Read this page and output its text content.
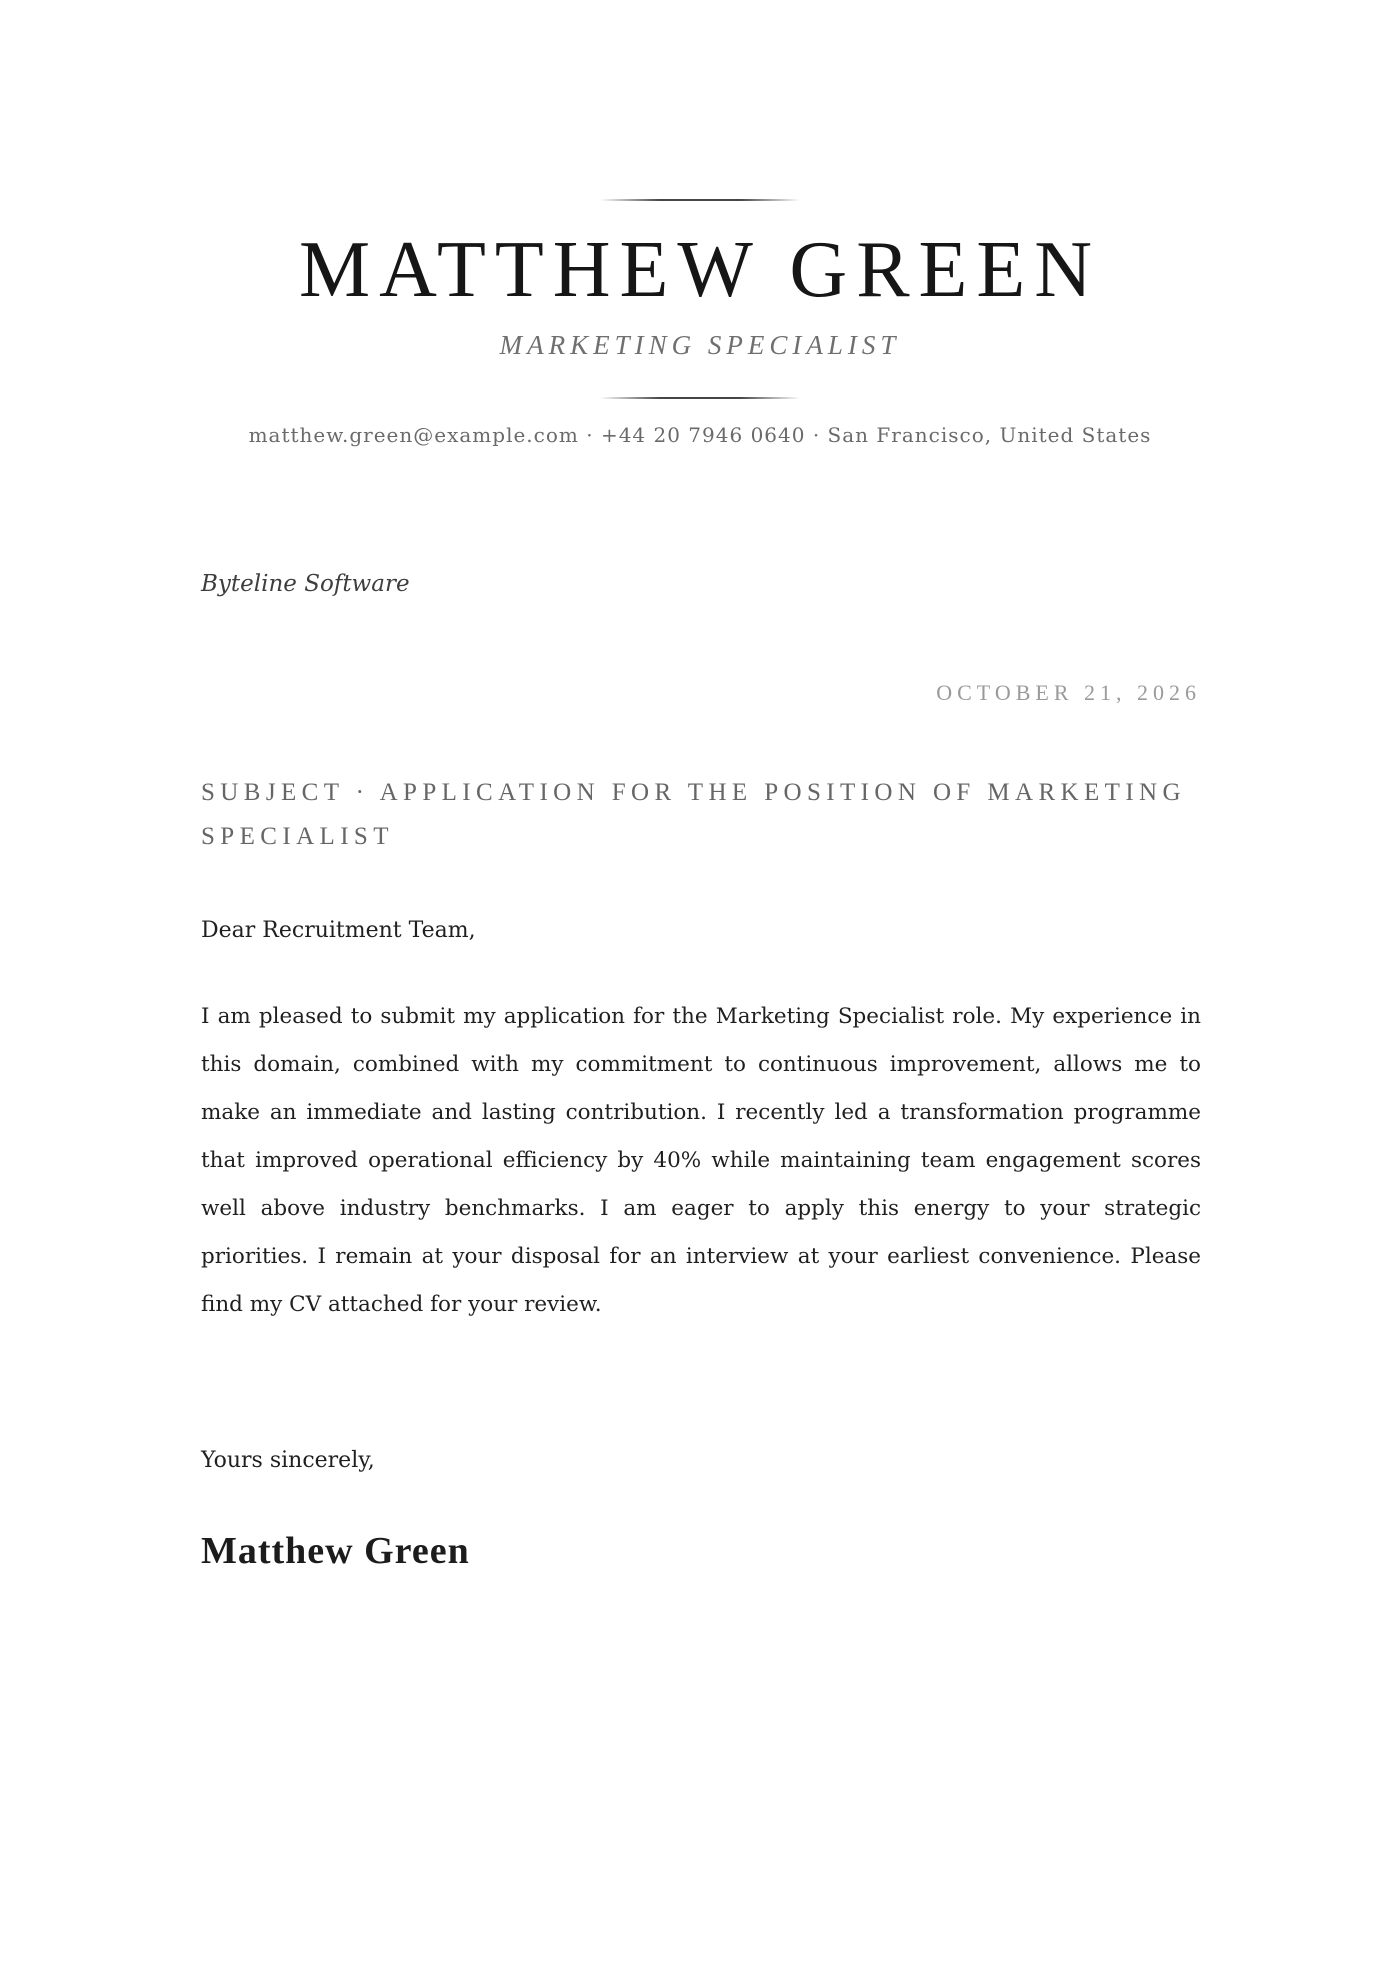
MATTHEW GREEN
MARKETING SPECIALIST
matthew.green@example.com · +44 20 7946 0640 · San Francisco, United States
Byteline Software
OCTOBER 21, 2026
SUBJECT · APPLICATION FOR THE POSITION OF MARKETING SPECIALIST
Dear Recruitment Team,

I am pleased to submit my application for the Marketing Specialist role. My experience in this domain, combined with my commitment to continuous improvement, allows me to make an immediate and lasting contribution. I recently led a transformation programme that improved operational efficiency by 40% while maintaining team engagement scores well above industry benchmarks. I am eager to apply this energy to your strategic priorities. I remain at your disposal for an interview at your earliest convenience. Please find my CV attached for your review.

Yours sincerely,
Matthew Green
